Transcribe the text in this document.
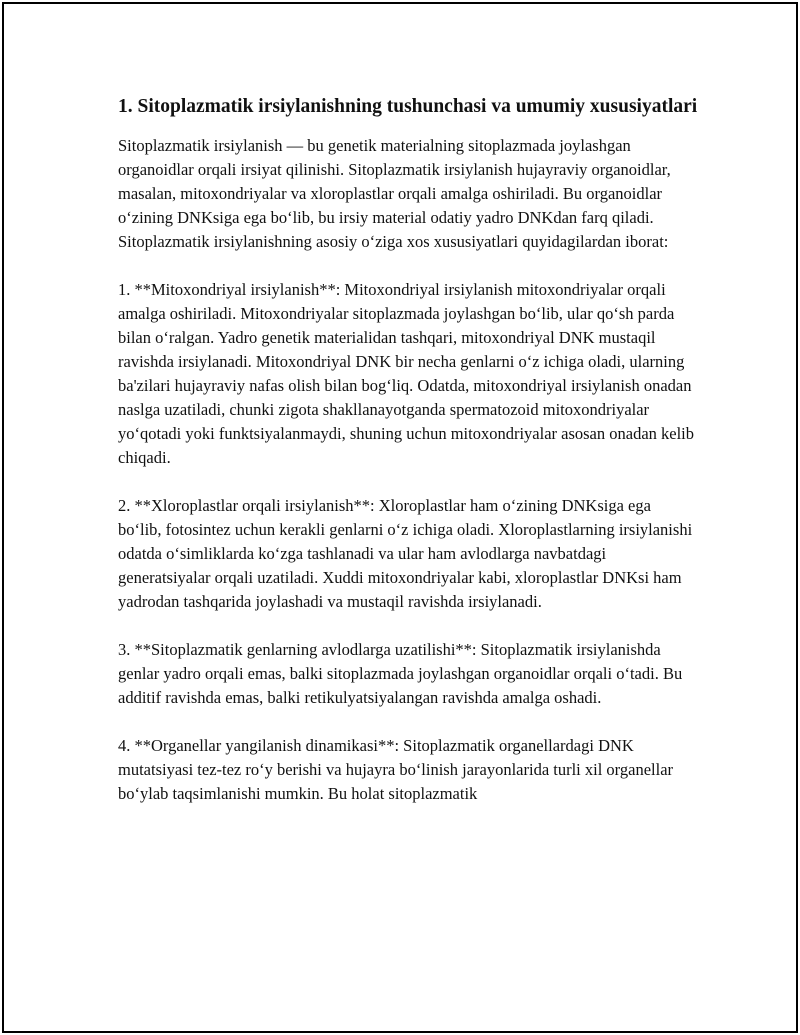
1. Sitoplazmatik irsiylanishning tushunchasi va umumiy xususiyatlari

Sitoplazmatik irsiylanish — bu genetik materialning sitoplazmada joylashgan organoidlar orqali irsiyat qilinishi. Sitoplazmatik irsiylanish hujayraviy organoidlar, masalan, mitoxondriyalar va xloroplastlar orqali amalga oshiriladi. Bu organoidlar o‘zining DNKsiga ega bo‘lib, bu irsiy material odatiy yadro DNKdan farq qiladi. Sitoplazmatik irsiylanishning asosiy o‘ziga xos xususiyatlari quyidagilardan iborat:

1. **Mitoxondriyal irsiylanish**: Mitoxondriyal irsiylanish mitoxondriyalar orqali amalga oshiriladi. Mitoxondriyalar sitoplazmada joylashgan bo‘lib, ular qo‘sh parda bilan o‘ralgan. Yadro genetik materialidan tashqari, mitoxondriyal DNK mustaqil ravishda irsiylanadi. Mitoxondriyal DNK bir necha genlarni o‘z ichiga oladi, ularning ba'zilari hujayraviy nafas olish bilan bog‘liq. Odatda, mitoxondriyal irsiylanish onadan naslga uzatiladi, chunki zigota shakllanayotganda spermatozoid mitoxondriyalar yo‘qotadi yoki funktsiyalanmaydi, shuning uchun mitoxondriyalar asosan onadan kelib chiqadi.

2. **Xloroplastlar orqali irsiylanish**: Xloroplastlar ham o‘zining DNKsiga ega bo‘lib, fotosintez uchun kerakli genlarni o‘z ichiga oladi. Xloroplastlarning irsiylanishi odatda o‘simliklarda ko‘zga tashlanadi va ular ham avlodlarga navbatdagi generatsiyalar orqali uzatiladi. Xuddi mitoxondriyalar kabi, xloroplastlar DNKsi ham yadrodan tashqarida joylashadi va mustaqil ravishda irsiylanadi.

3. **Sitoplazmatik genlarning avlodlarga uzatilishi**: Sitoplazmatik irsiylanishda genlar yadro orqali emas, balki sitoplazmada joylashgan organoidlar orqali o‘tadi. Bu additif ravishda emas, balki retikulyatsiyalangan ravishda amalga oshadi.

4. **Organellar yangilanish dinamikasi**: Sitoplazmatik organellardagi DNK mutatsiyasi tez-tez ro‘y berishi va hujayra bo‘linish jarayonlarida turli xil organellar bo‘ylab taqsimlanishi mumkin. Bu holat sitoplazmatik
